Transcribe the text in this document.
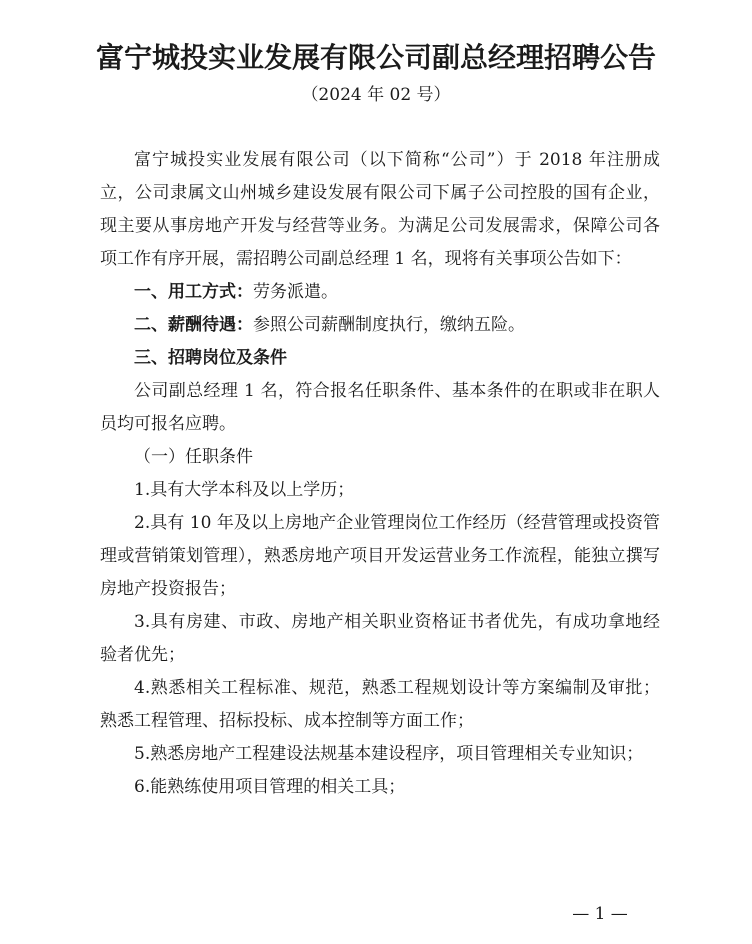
富宁城投实业发展有限公司副总经理招聘公告
（2024 年 02 号）

富宁城投实业发展有限公司（以下简称“公司”）于 2018 年注册成立，公司隶属文山州城乡建设发展有限公司下属子公司控股的国有企业，现主要从事房地产开发与经营等业务。为满足公司发展需求，保障公司各项工作有序开展，需招聘公司副总经理 1 名，现将有关事项公告如下：

一、用工方式：劳务派遣。

二、薪酬待遇：参照公司薪酬制度执行，缴纳五险。

三、招聘岗位及条件

公司副总经理 1 名，符合报名任职条件、基本条件的在职或非在职人员均可报名应聘。

（一）任职条件

1.具有大学本科及以上学历；

2.具有 10 年及以上房地产企业管理岗位工作经历（经营管理或投资管理或营销策划管理），熟悉房地产项目开发运营业务工作流程，能独立撰写房地产投资报告；

3.具有房建、市政、房地产相关职业资格证书者优先，有成功拿地经验者优先；

4.熟悉相关工程标准、规范，熟悉工程规划设计等方案编制及审批；熟悉工程管理、招标投标、成本控制等方面工作；

5.熟悉房地产工程建设法规基本建设程序，项目管理相关专业知识；

6.能熟练使用项目管理的相关工具；

— 1 —
